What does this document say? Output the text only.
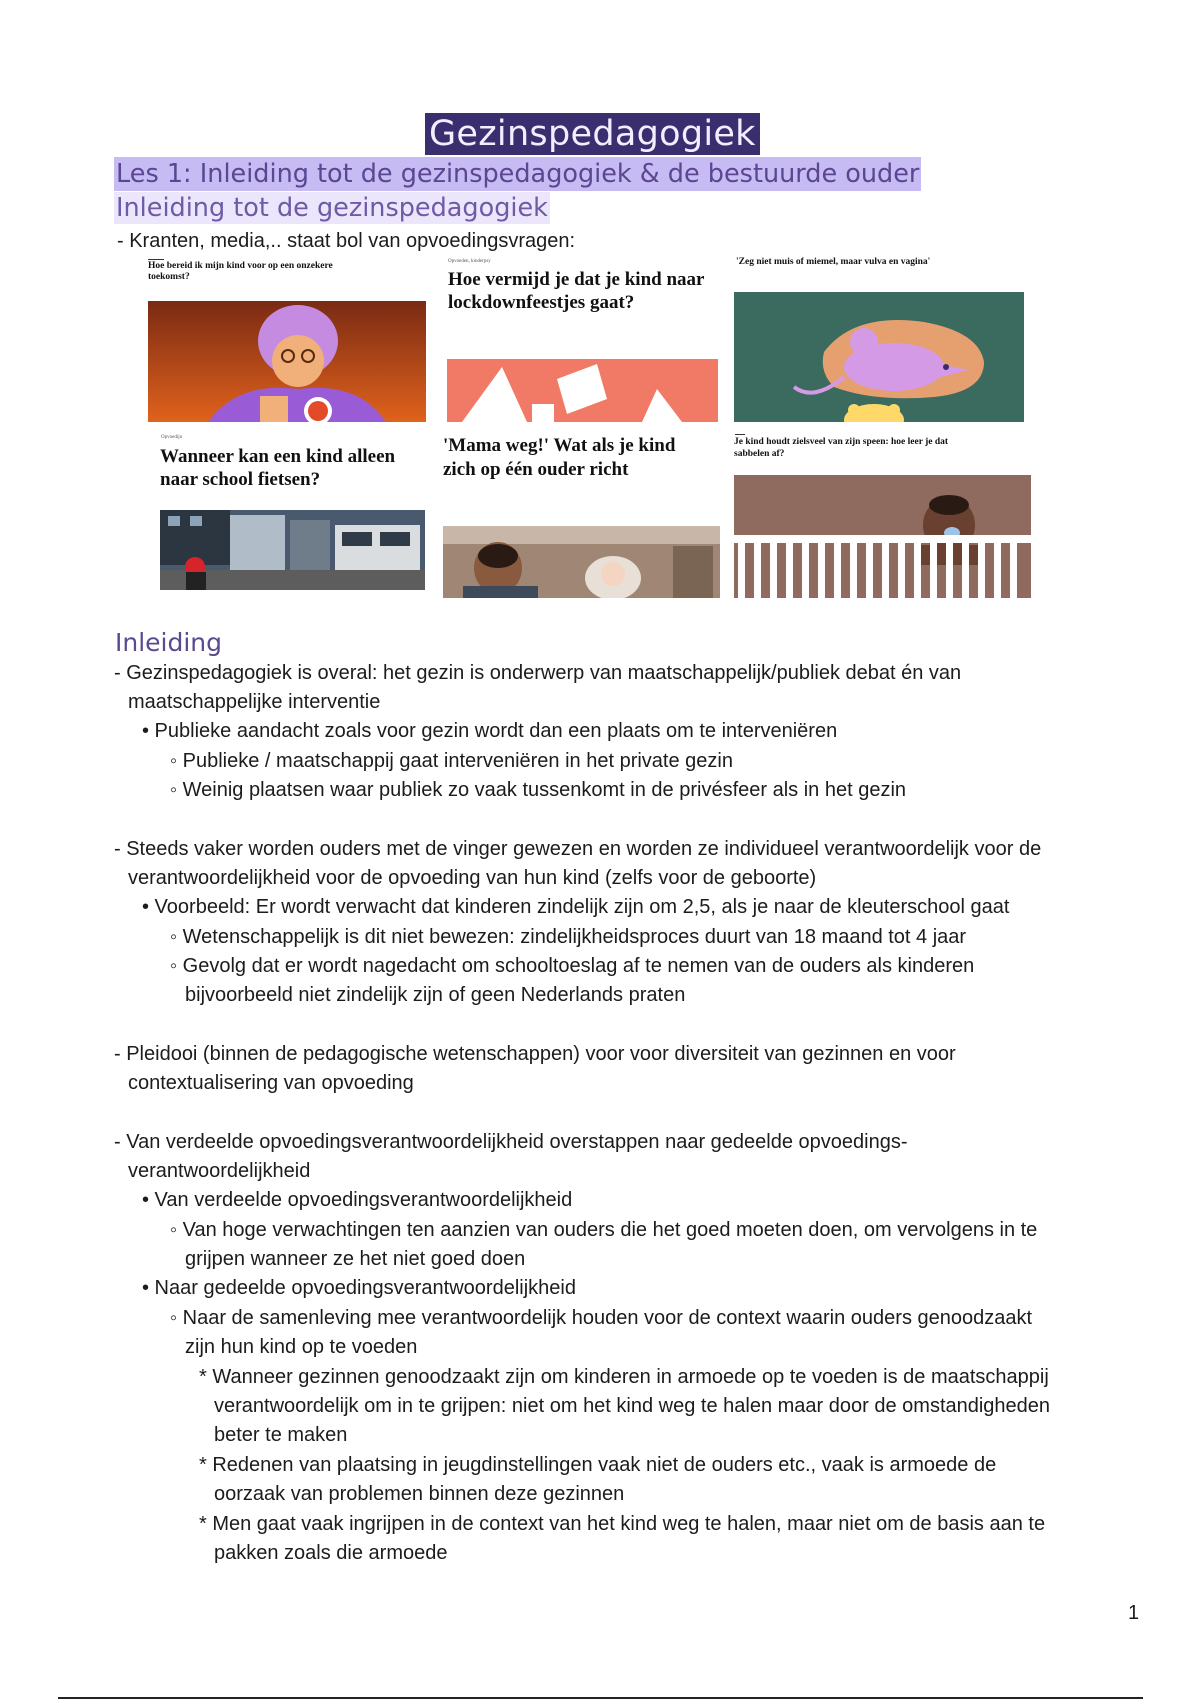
Gezinspedagogiek
Les 1: Inleiding tot de gezinspedagogiek & de bestuurde ouder
Inleiding tot de gezinspedagogiek
- Kranten, media,.. staat bol van opvoedingsvragen:
Hoe bereid ik mijn kind voor op een onzekere toekomst?
Opvoeden, kinderpsy
Hoe vermijd je dat je kind naar lockdownfeestjes gaat?
'Zeg niet muis of miemel, maar vulva en vagina'
Opvoedijn
Wanneer kan een kind alleen naar school fietsen?
'Mama weg!' Wat als je kind zich op één ouder richt
Je kind houdt zielsveel van zijn speen: hoe leer je dat sabbelen af?
Inleiding
- Gezinspedagogiek is overal: het gezin is onderwerp van maatschappelijk/publiek debat én van
maatschappelijke interventie
• Publieke aandacht zoals voor gezin wordt dan een plaats om te interveniëren
◦ Publieke / maatschappij gaat interveniëren in het private gezin
◦ Weinig plaatsen waar publiek zo vaak tussenkomt in de privésfeer als in het gezin
- Steeds vaker worden ouders met de vinger gewezen en worden ze individueel verantwoordelijk voor de
verantwoordelijkheid voor de opvoeding van hun kind (zelfs voor de geboorte)
• Voorbeeld: Er wordt verwacht dat kinderen zindelijk zijn om 2,5, als je naar de kleuterschool gaat
◦ Wetenschappelijk is dit niet bewezen: zindelijkheidsproces duurt van 18 maand tot 4 jaar
◦ Gevolg dat er wordt nagedacht om schooltoeslag af te nemen van de ouders als kinderen
bijvoorbeeld niet zindelijk zijn of geen Nederlands praten
- Pleidooi (binnen de pedagogische wetenschappen) voor voor diversiteit van gezinnen en voor
contextualisering van opvoeding
- Van verdeelde opvoedingsverantwoordelijkheid overstappen naar gedeelde opvoedings-
verantwoordelijkheid
• Van verdeelde opvoedingsverantwoordelijkheid
◦ Van hoge verwachtingen ten aanzien van ouders die het goed moeten doen, om vervolgens in te
grijpen wanneer ze het niet goed doen
• Naar gedeelde opvoedingsverantwoordelijkheid
◦ Naar de samenleving mee verantwoordelijk houden voor de context waarin ouders genoodzaakt
zijn hun kind op te voeden
* Wanneer gezinnen genoodzaakt zijn om kinderen in armoede op te voeden is de maatschappij
verantwoordelijk om in te grijpen: niet om het kind weg te halen maar door de omstandigheden
beter te maken
* Redenen van plaatsing in jeugdinstellingen vaak niet de ouders etc., vaak is armoede de
oorzaak van problemen binnen deze gezinnen
* Men gaat vaak ingrijpen in de context van het kind weg te halen, maar niet om de basis aan te
pakken zoals die armoede
1
